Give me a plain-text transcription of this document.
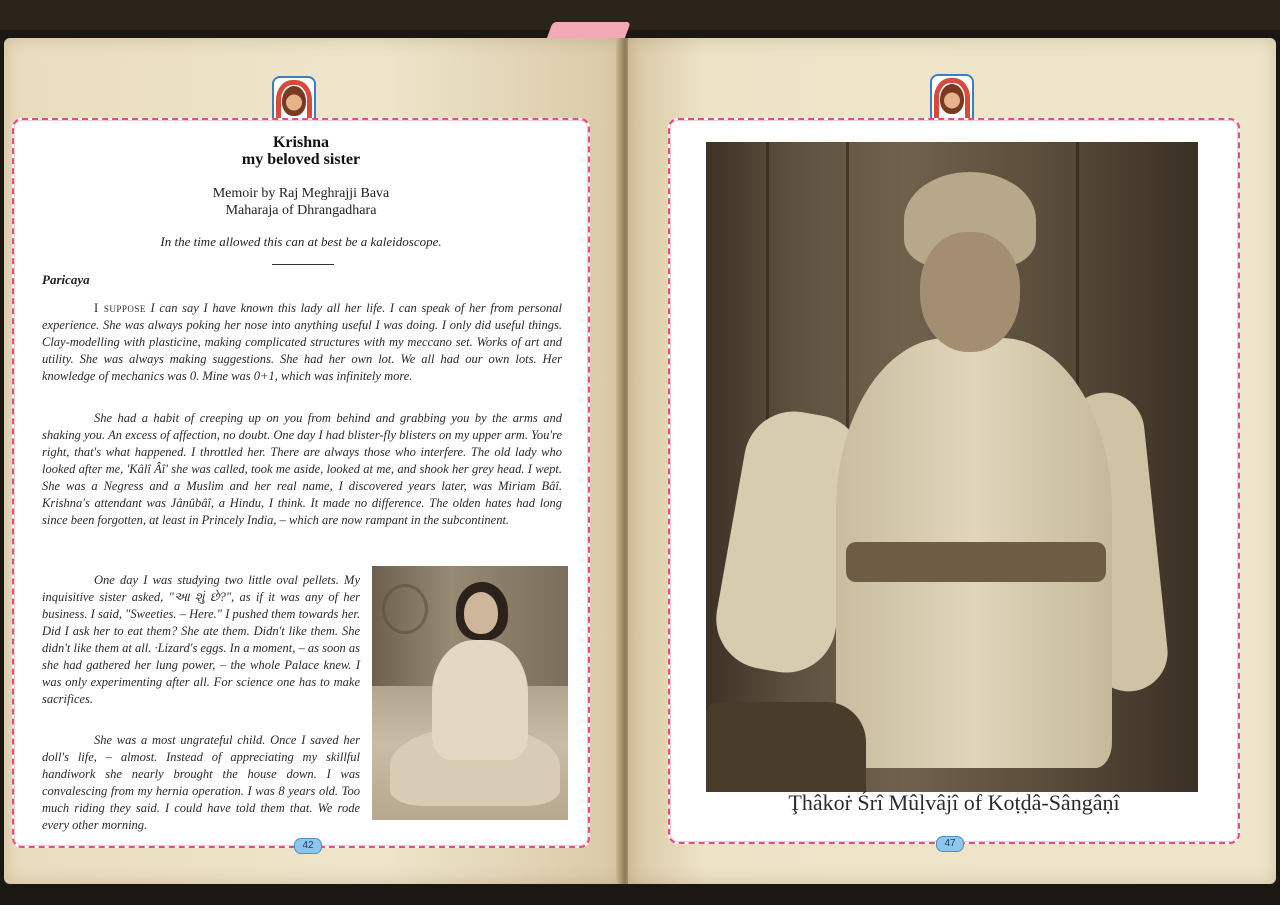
Krishna
my beloved sister
Memoir by Raj Meghrajji Bava
Maharaja of Dhrangadhara
In the time allowed this can at best be a kaleidoscope.
Paricaya

I suppose I can say I have known this lady all her life. I can speak of her from personal experience. She was always poking her nose into anything useful I was doing. I only did useful things. Clay-modelling with plasticine, making complicated structures with my meccano set. Works of art and utility. She was always making suggestions. She had her own lot. We all had our own lots. Her knowledge of mechanics was 0. Mine was 0+1, which was infinitely more.

She had a habit of creeping up on you from behind and grabbing you by the arms and shaking you. An excess of affection, no doubt. One day I had blister-fly blisters on my upper arm. You're right, that's what happened. I throttled her. There are always those who interfere. The old lady who looked after me, 'Kâlî Âî' she was called, took me aside, looked at me, and shook her grey head. I wept. She was a Negress and a Muslim and her real name, I discovered years later, was Miriam Bâî. Krishna's attendant was Jânûbâî, a Hindu, I think. It made no difference. The olden hates had long since been forgotten, at least in Princely India, – which are now rampant in the subcontinent.

One day I was studying two little oval pellets. My inquisitive sister asked, "આ શું છે?", as if it was any of her business. I said, "Sweeties. – Here." I pushed them towards her. Did I ask her to eat them? She ate them. Didn't like them. She didn't like them at all. ·Lizard's eggs. In a moment, – as soon as she had gathered her lung power, – the whole Palace knew. I was only experimenting after all. For science one has to make sacrifices.

She was a most ungrateful child. Once I saved her doll's life, – almost. Instead of appreciating my skillful handiwork she nearly brought the house down. I was convalescing from my hernia operation. I was 8 years old. Too much riding they said. I could have told them that. We rode every other morning.

42
Ţhâkoṙ Śrî Mûḷvâjî of Koṭḍâ-Sângâṇî
47
